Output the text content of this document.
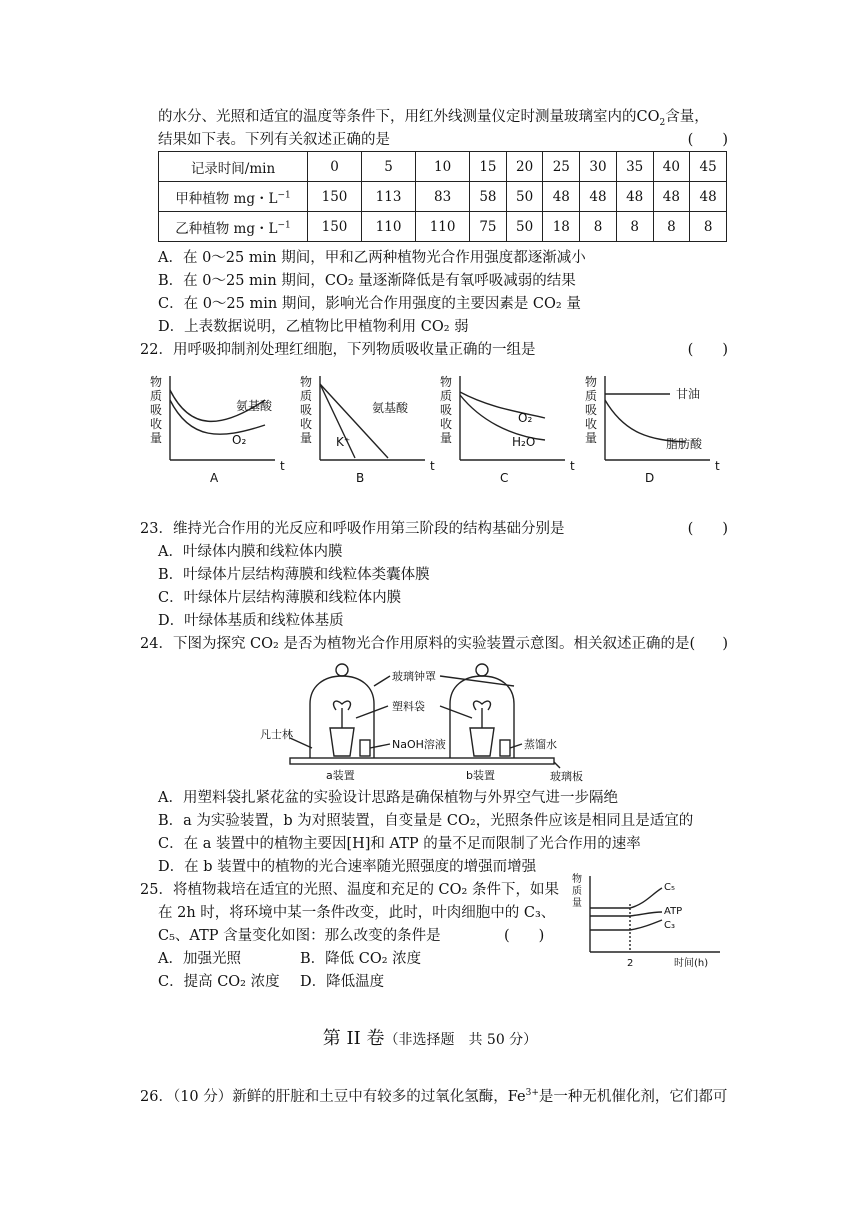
的水分、光照和适宜的温度等条件下，用红外线测量仪定时测量玻璃室内的$CO_2$含量，
结果如下表。下列有关叙述正确的是	(　　)
记录时间/min	0	5	10	15	20	25	30	35	40	45
甲种植物 mg・$L^{-1}$	150	113	83	58	50	48	48	48	48	48
乙种植物 mg・$L^{-1}$	150	110	110	75	50	18	8	8	8	8
A．在 0～25 min 期间，甲和乙两种植物光合作用强度都逐渐减小
B．在 0～25 min 期间，CO₂ 量逐渐降低是有氧呼吸减弱的结果
C．在 0～25 min 期间，影响光合作用强度的主要因素是 CO₂ 量
D．上表数据说明，乙植物比甲植物利用 CO₂ 弱
22．用呼吸抑制剂处理红细胞，下列物质吸收量正确的一组是	(　　)
物
质
吸
收
量
氨基酸
O₂
t
A
物
质
吸
收
量
氨基酸
K⁺
t
B
物
质
吸
收
量
O₂
H₂O
t
C
物
质
吸
收
量
甘油
脂肪酸
t
D
23．维持光合作用的光反应和呼吸作用第三阶段的结构基础分别是	(　　)
A．叶绿体内膜和线粒体内膜
B．叶绿体片层结构薄膜和线粒体类囊体膜
C．叶绿体片层结构薄膜和线粒体内膜
D．叶绿体基质和线粒体基质
24．下图为探究 CO₂ 是否为植物光合作用原料的实验装置示意图。相关叙述正确的是( )
玻璃钟罩
塑料袋
凡士林
NaOH溶液	蒸馏水
玻璃板
a装置	b装置
A．用塑料袋扎紧花盆的实验设计思路是确保植物与外界空气进一步隔绝
B．a 为实验装置，b 为对照装置，自变量是 CO₂，光照条件应该是相同且是适宜的
C．在 a 装置中的植物主要因[H]和 ATP 的量不足而限制了光合作用的速率
D．在 b 装置中的植物的光合速率随光照强度的增强而增强
25．将植物栽培在适宜的光照、温度和充足的 CO₂ 条件下，如果
在 2h 时，将环境中某一条件改变，此时，叶肉细胞中的 C₃、
C₅、ATP 含量变化如图：那么改变的条件是	(　　)
A．加强光照	B．降低 CO₂ 浓度
C．提高 CO₂ 浓度 D．降低温度
物
质
量
C₅
ATP
C₃
2	时间(h)
第 II 卷（非选择题　共 50 分）
26．（10 分）新鲜的肝脏和土豆中有较多的过氧化氢酶，$Fe^{3+}$是一种无机催化剂，它们都可
